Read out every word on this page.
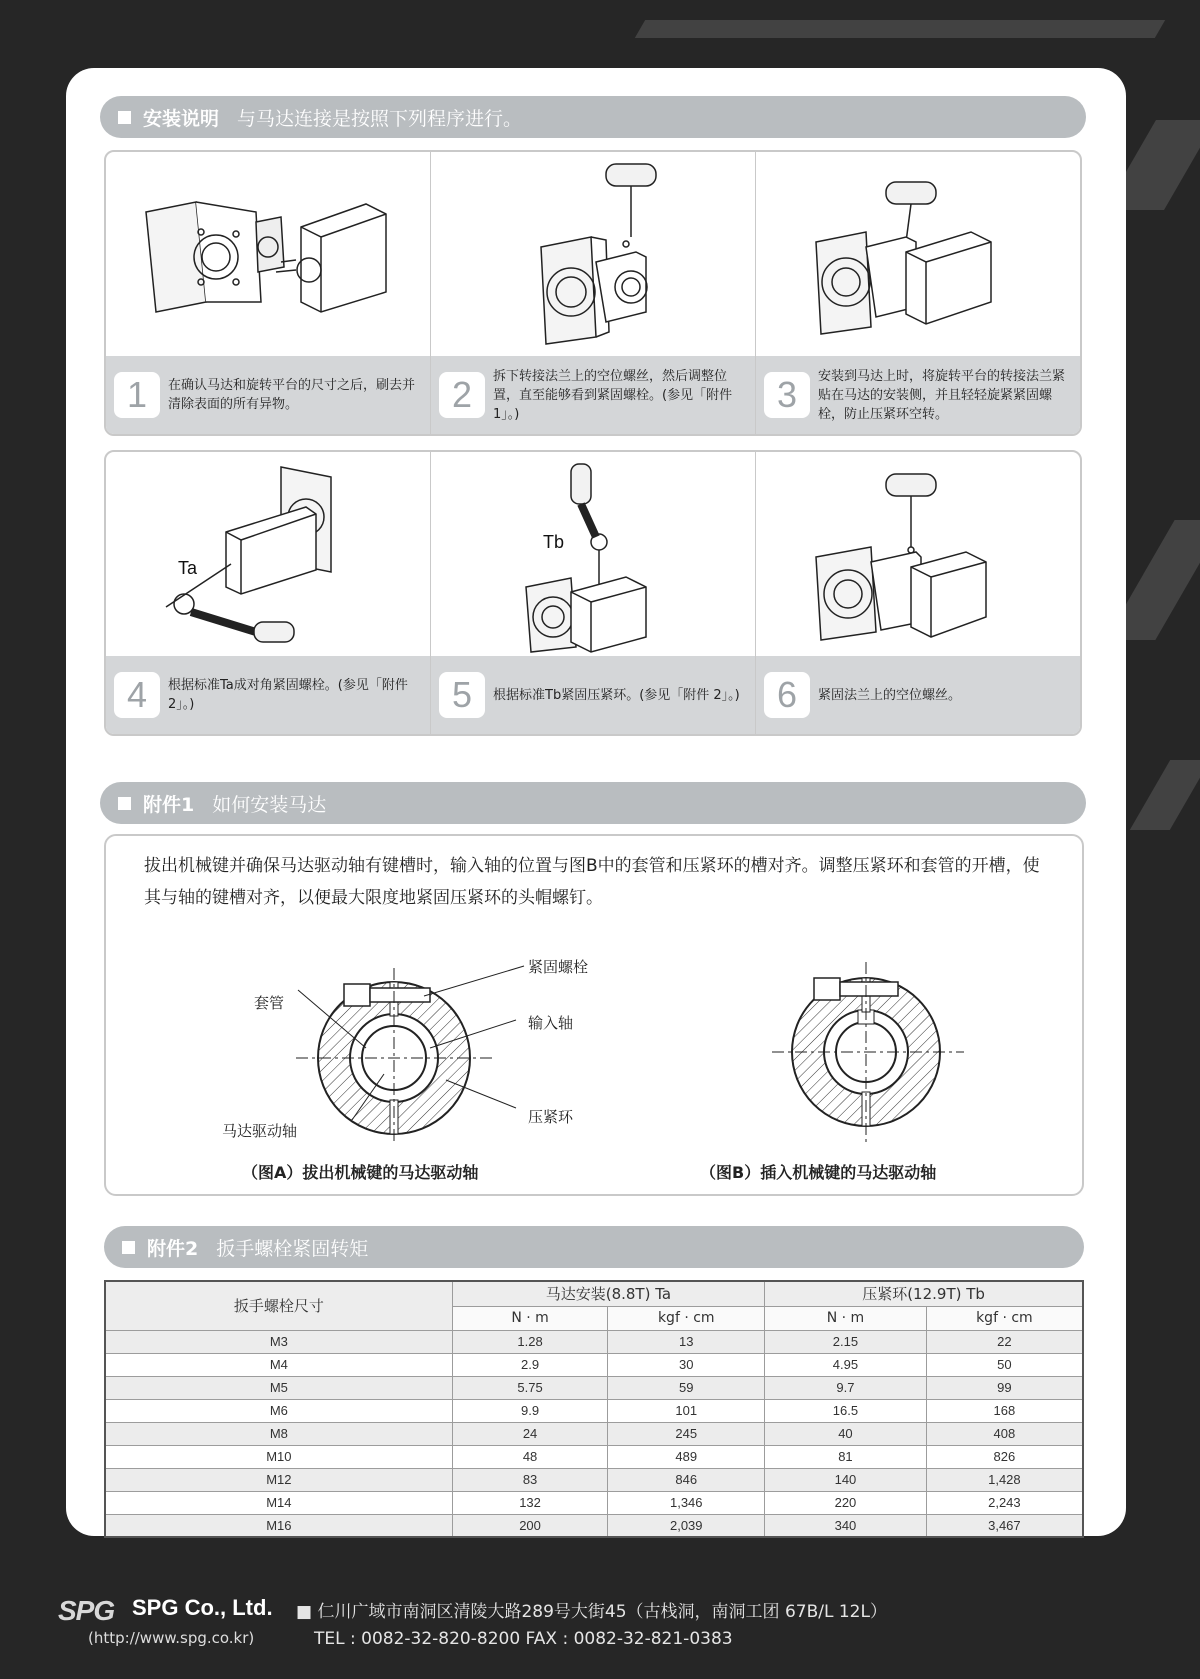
安装说明 与马达连接是按照下列程序进行。
1	在确认马达和旋转平台的尺寸之后，刷去并清除表面的所有异物。	2	拆下转接法兰上的空位螺丝，然后调整位置，直至能够看到紧固螺栓。(参见「附件 1」。)	3	安装到马达上时，将旋转平台的转接法兰紧贴在马达的安装侧，并且轻轻旋紧紧固螺栓，防止压紧环空转。
Ta
4	根据标准Ta成对角紧固螺栓。(参见「附件 2」。)
Tb
5	根据标准Tb紧固压紧环。(参见「附件 2」。)	6	紧固法兰上的空位螺丝。
附件1 如何安装马达
拔出机械键并确保马达驱动轴有键槽时，输入轴的位置与图B中的套管和压紧环的槽对齐。调整压紧环和套管的开槽，使其与轴的键槽对齐，以便最大限度地紧固压紧环的头帽螺钉。
套管
紧固螺栓
输入轴
压紧环
马达驱动轴
（图A）拔出机械键的马达驱动轴	（图B）插入机械键的马达驱动轴
附件2 扳手螺栓紧固转矩
扳手螺栓尺寸	马达安装(8.8T) Ta		压紧环(12.9T) Tb	
	N · m	kgf · cm	N · m	kgf · cm
M3	1.28	13	2.15	22
M4	2.9	30	4.95	50
M5	5.75	59	9.7	99
M6	9.9	101	16.5	168
M8	24	245	40	408
M10	48	489	81	826
M12	83	846	140	1,428
M14	132	1,346	220	2,243
M16	200	2,039	340	3,467
SPG SPG Co., Ltd.
(http://www.spg.co.kr)
■ 仁川广域市南洞区清陵大路289号大街45（古栈洞，南洞工团 67B/L 12L）
TEL : 0082-32-820-8200 FAX : 0082-32-821-0383
